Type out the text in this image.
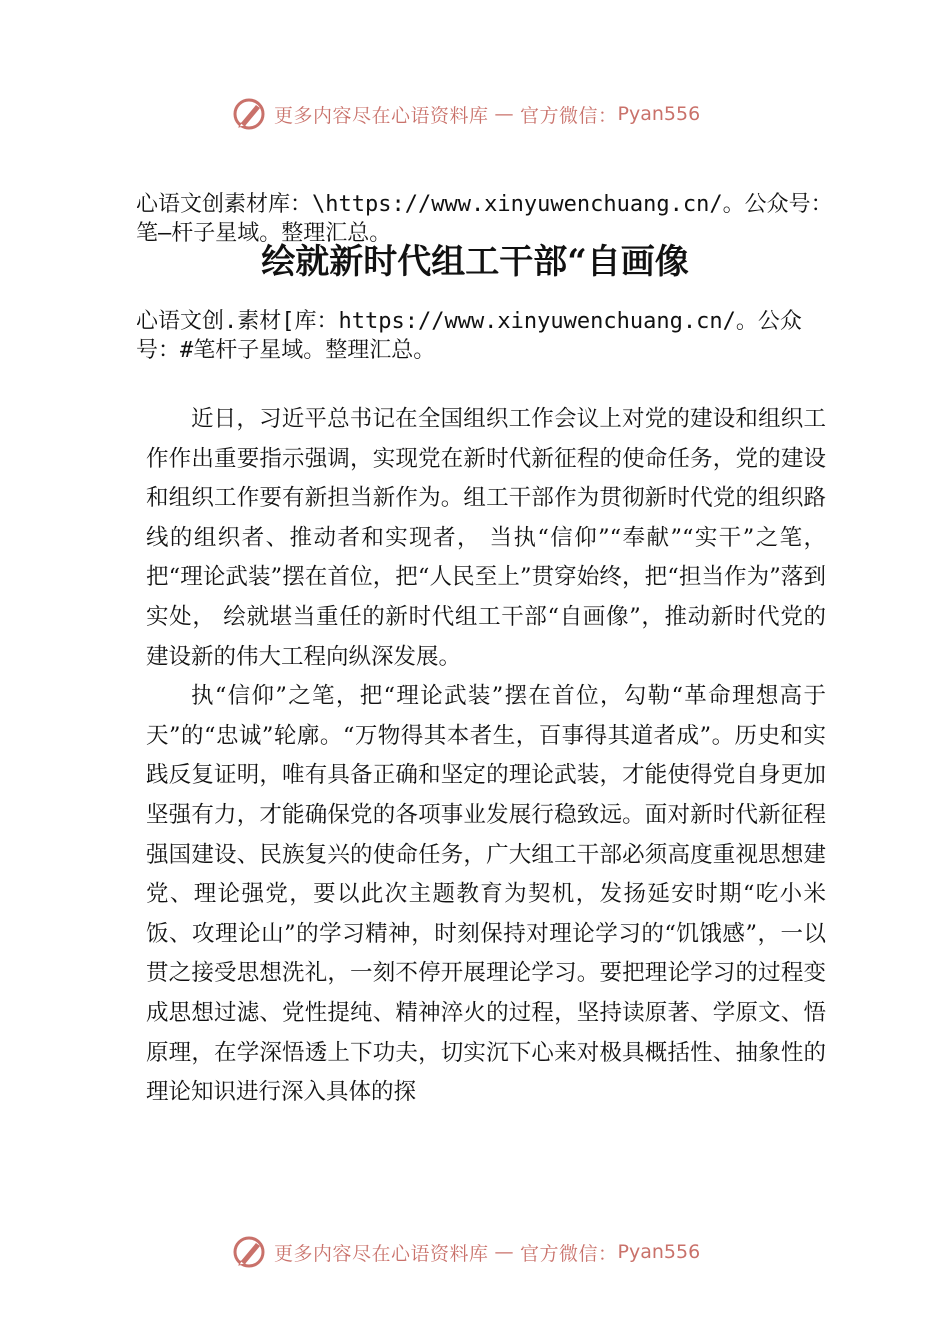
更多内容尽在心语资料库 — 官方微信： Pyan556

心语文创素材库：\https://www.xinyuwenchuang.cn/。公众号：笔—杆子星域。整理汇总。

绘就新时代组工干部“自画像

心语文创.素材[库：https://www.xinyuwenchuang.cn/。公众号：#笔杆子星域。整理汇总。

近日，习近平总书记在全国组织工作会议上对党的建设和组织工作作出重要指示强调，实现党在新时代新征程的使命任务，党的建设和组织工作要有新担当新作为。组工干部作为贯彻新时代党的组织路线的组织者、推动者和实现者， 当执“信仰”“奉献”“实干”之笔，把“理论武装”摆在首位，把“人民至上”贯穿始终，把“担当作为”落到实处， 绘就堪当重任的新时代组工干部“自画像”，推动新时代党的建设新的伟大工程向纵深发展。

执“信仰”之笔，把“理论武装”摆在首位，勾勒“革命理想高于天”的“忠诚”轮廓。“万物得其本者生，百事得其道者成”。历史和实践反复证明，唯有具备正确和坚定的理论武装，才能使得党自身更加坚强有力，才能确保党的各项事业发展行稳致远。面对新时代新征程强国建设、民族复兴的使命任务，广大组工干部必须高度重视思想建党、理论强党，要以此次主题教育为契机，发扬延安时期“吃小米饭、攻理论山”的学习精神，时刻保持对理论学习的“饥饿感”，一以贯之接受思想洗礼，一刻不停开展理论学习。要把理论学习的过程变成思想过滤、党性提纯、精神淬火的过程，坚持读原著、学原文、悟原理，在学深悟透上下功夫，切实沉下心来对极具概括性、抽象性的理论知识进行深入具体的探

更多内容尽在心语资料库 — 官方微信： Pyan556
